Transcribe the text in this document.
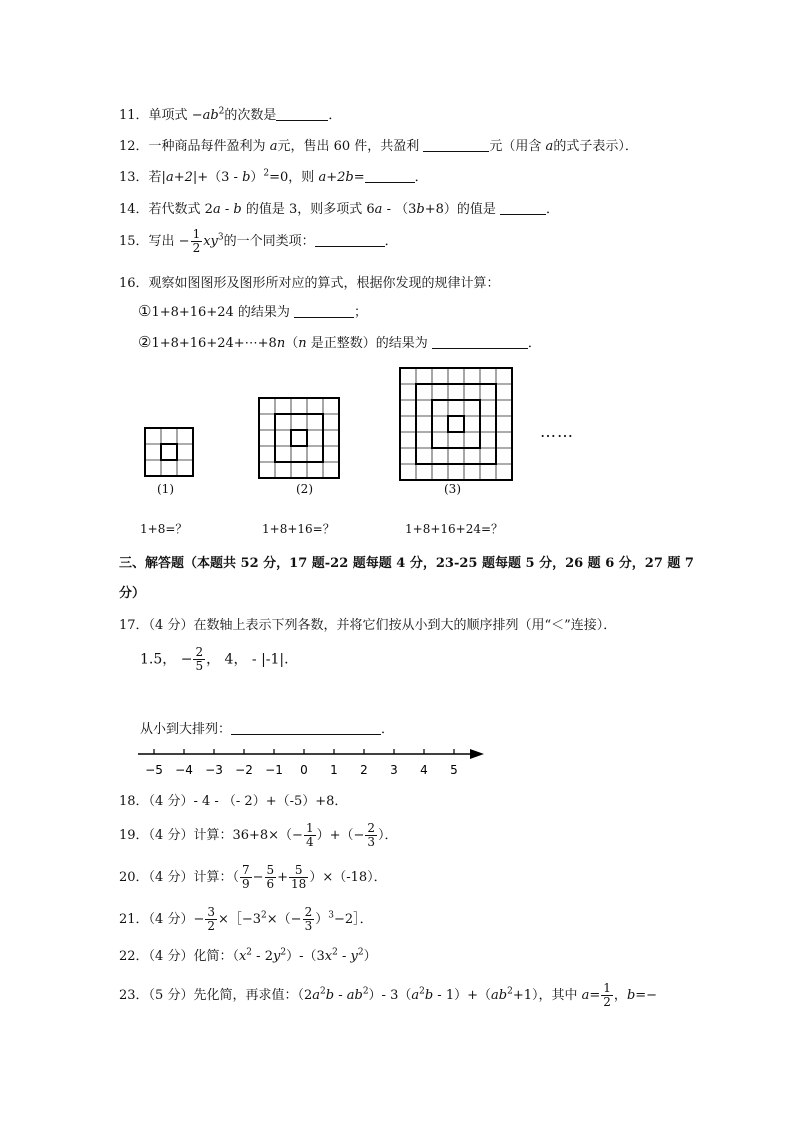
11．单项式 $-ab^2$的次数是	．
12．一种商品每件盈利为 a元，售出 60 件，共盈利	元（用含 a的式子表示）．
13．若|a+2|+（3 - b）$^2$=0，则 a+2b=	．
14．若代数式 2a - b 的值是 3，则多项式 6a - （3b+8）的值是	．
15．写出 − $\frac{1}{2} xy^3$的一个同类项：	．
16．观察如图图形及图形所对应的算式，根据你发现的规律计算：
①1+8+16+24 的结果为	；
②1+8+16+24+⋯+8n（n 是正整数）的结果为	．
……
(1)	(2)	(3)
1+8=？	1+8+16=？	1+8+16+24=？
三、解答题（本题共 52 分，17 题-22 题每题 4 分，23-25 题每题 5 分，26 题 6 分，27 题 7
分）
17．（4 分）在数轴上表示下列各数，并将它们按从小到大的顺序排列（用“＜”连接）．
1.5， − $\frac{2}{5}$ ， 4， - |-1|.
从小到大排列：	．
−5 −4 −3 −2 −1 0 1 2 3 4 5
18．（4 分）- 4 - （- 2）+（-5）+8．
19．（4 分）计算：$36+8\times(- \frac{1}{4}$ ）+（− $\frac{2}{3}$ ）．
20．（4 分）计算：（ $\frac{7}{9} - \frac{5}{6} + \frac{5}{18} )\times(-18)$．
21．（4 分）− $\frac{3}{2}$ $\times[-3^2\times(- \frac{2}{3}$ ）$^3$−2］．
22．（4 分）化简：$(x^2 - 2y^2)-(3x^2 - y^2)$
23．（5 分）先化简，再求值：$(2a^2b - ab^2)-$ $3(a^2b - 1)+(ab^2+1)$，其中 $a= \frac{1}{2}$ ，b=−
